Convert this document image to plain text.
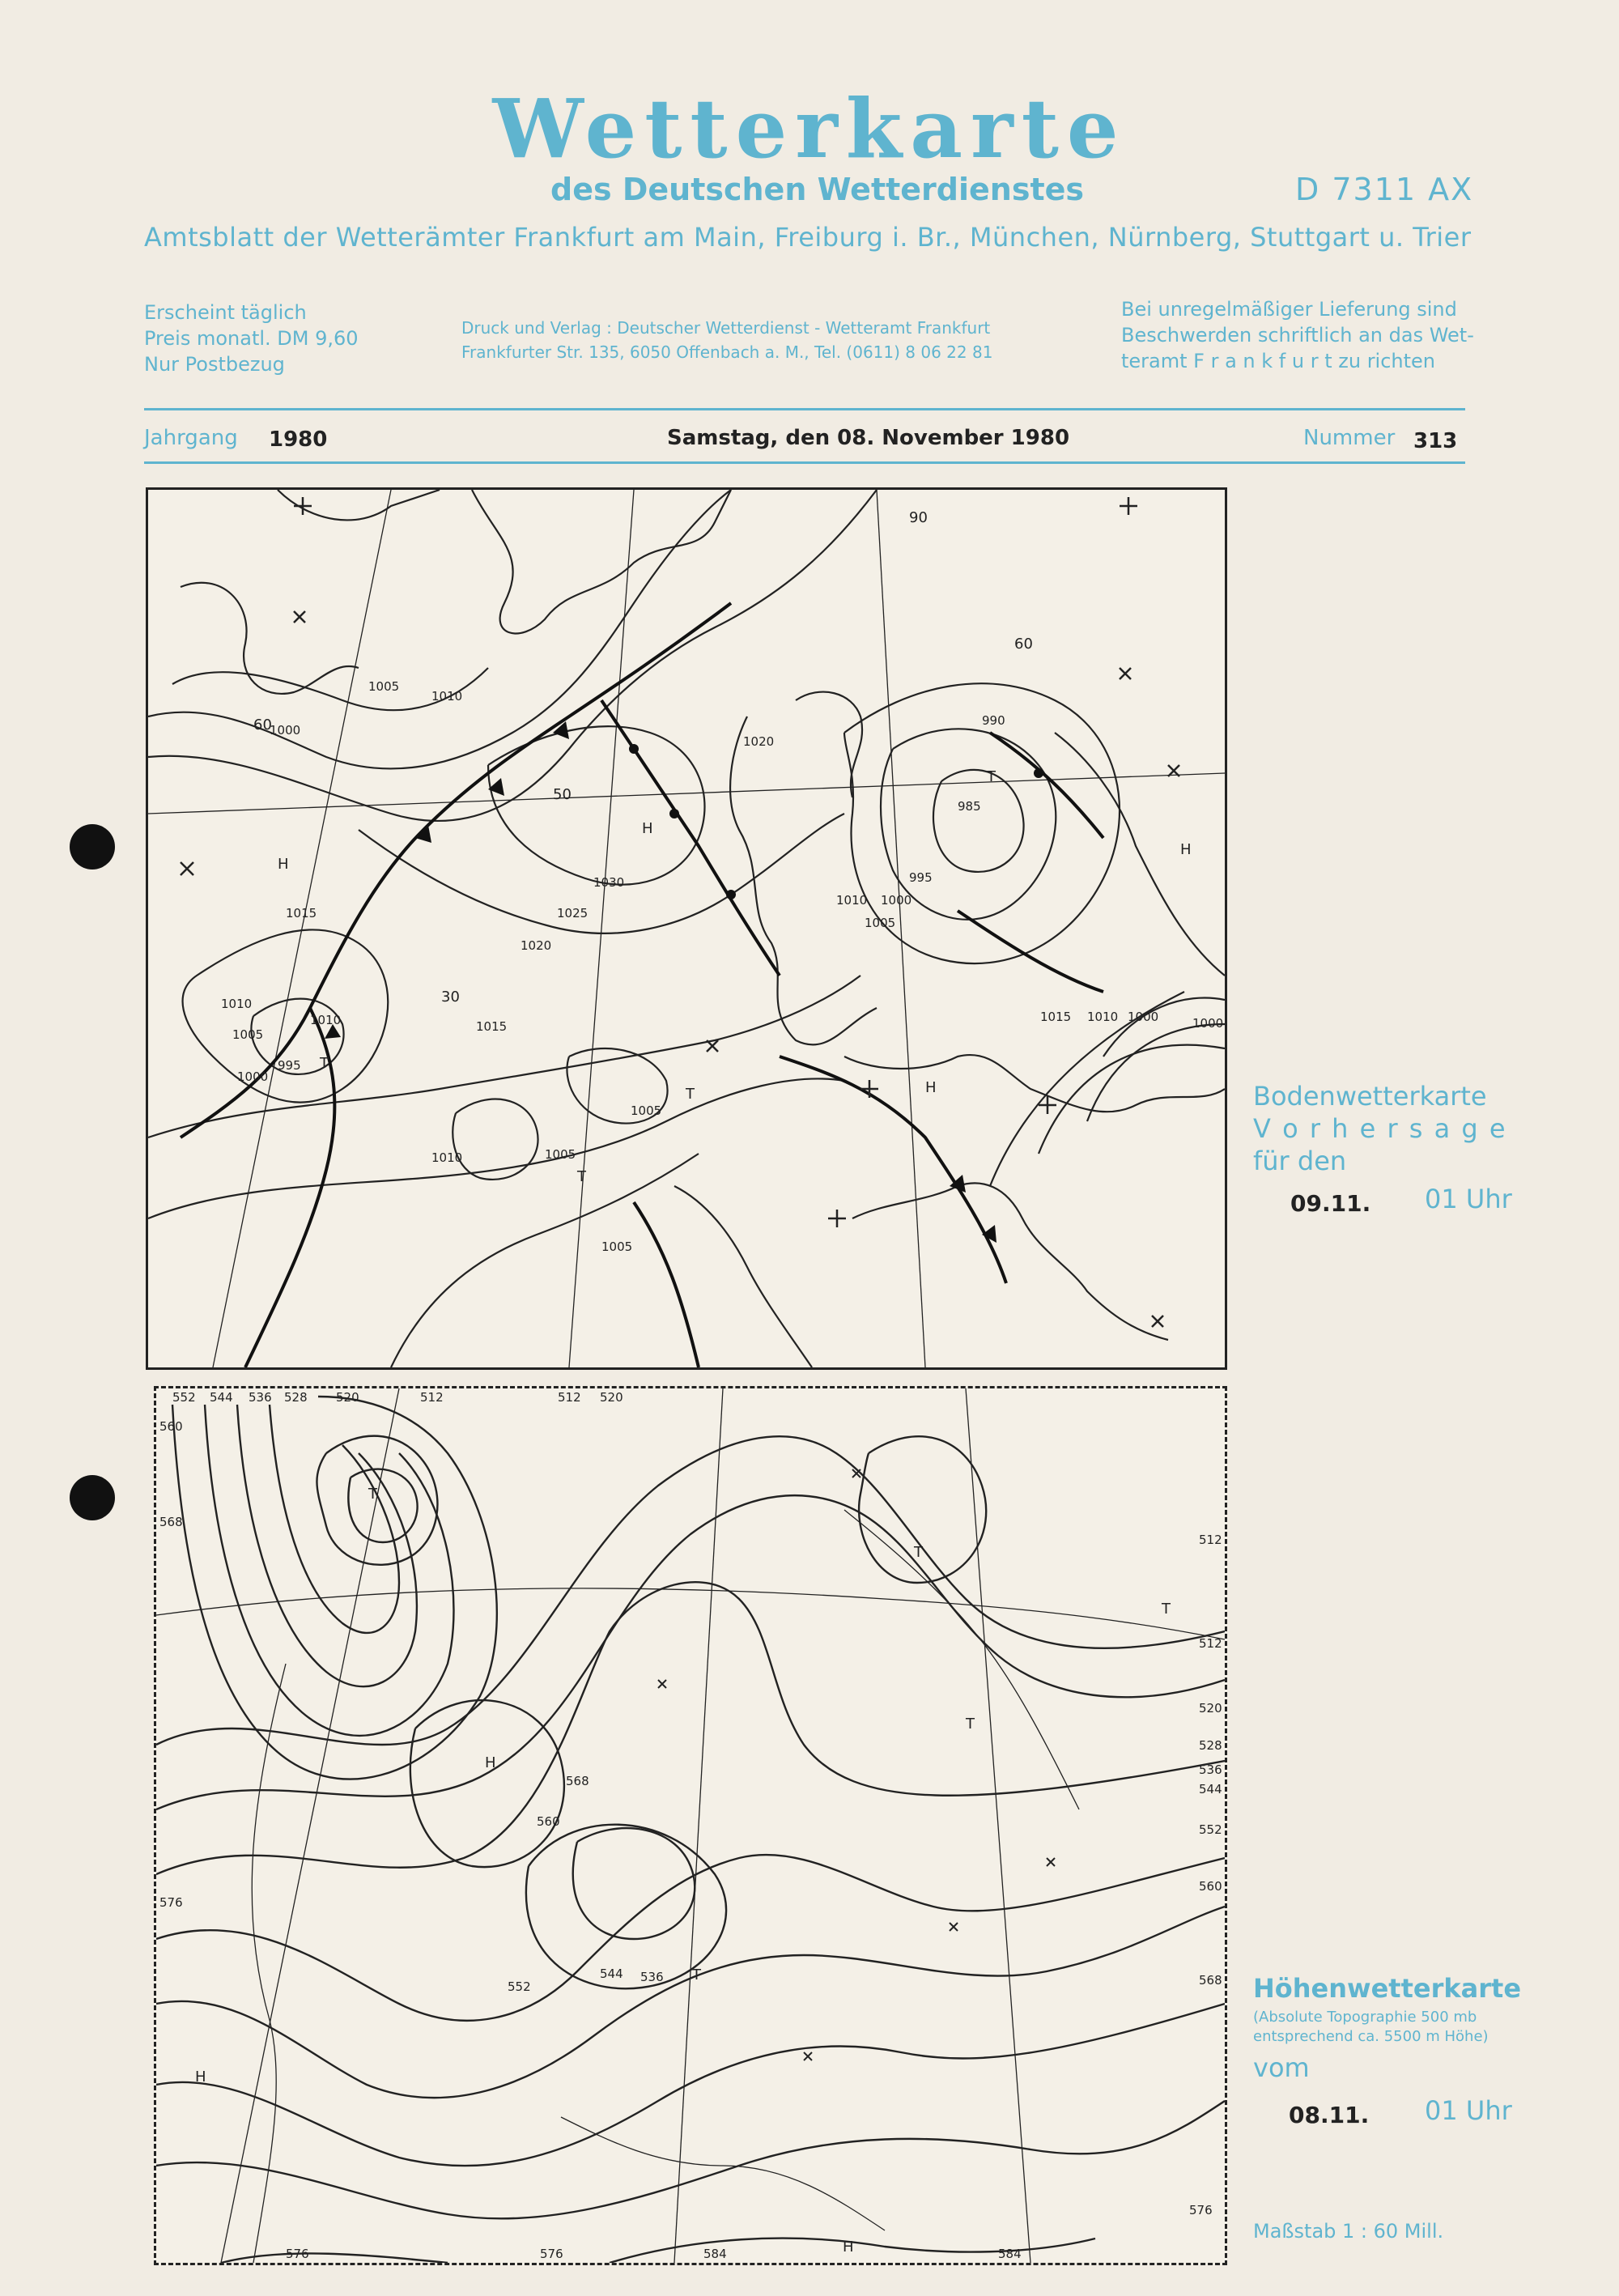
Wetterkarte
des Deutschen Wetterdienstes	D 7311 AX
Amtsblatt der Wetterämter Frankfurt am Main, Freiburg i. Br., München, Nürnberg, Stuttgart u. Trier
Erscheint täglich
Preis monatl. DM 9,60
Nur Postbezug
Druck und Verlag : Deutscher Wetterdienst - Wetteramt Frankfurt
Frankfurter Str. 135, 6050 Offenbach a. M., Tel. (0611) 8 06 22 81
Bei unregelmäßiger Lieferung sind
Beschwerden schriftlich an das Wet-
teramt F r a n k f u r t zu richten
Jahrgang 1980	Samstag, den 08. November 1980	Nummer 313
1005
1010
1000
60
1020
990
985
995
1030
1025
1020
1015
1010
1000
1005
1015
1010
1005
1000
995
1000
1010
1015
1010
1005
1000
1005
1010
1005
30
50
60
90
H
H
H
H
T
T
T
T
Bodenwetterkarte
V o r h e r s a g e
für den
09.11. 01 Uhr
552 544 536 528 520	512	512 520
560
568
512
512
520
528
536
544
552
560
568
576
568
560
544 536
552
576
576	576	584	584
H
H
H
T
T
T
T
T
Höhenwetterkarte
(Absolute Topographie 500 mb
entsprechend ca. 5500 m Höhe)
vom
08.11. 01 Uhr
Maßstab 1 : 60 Mill.
